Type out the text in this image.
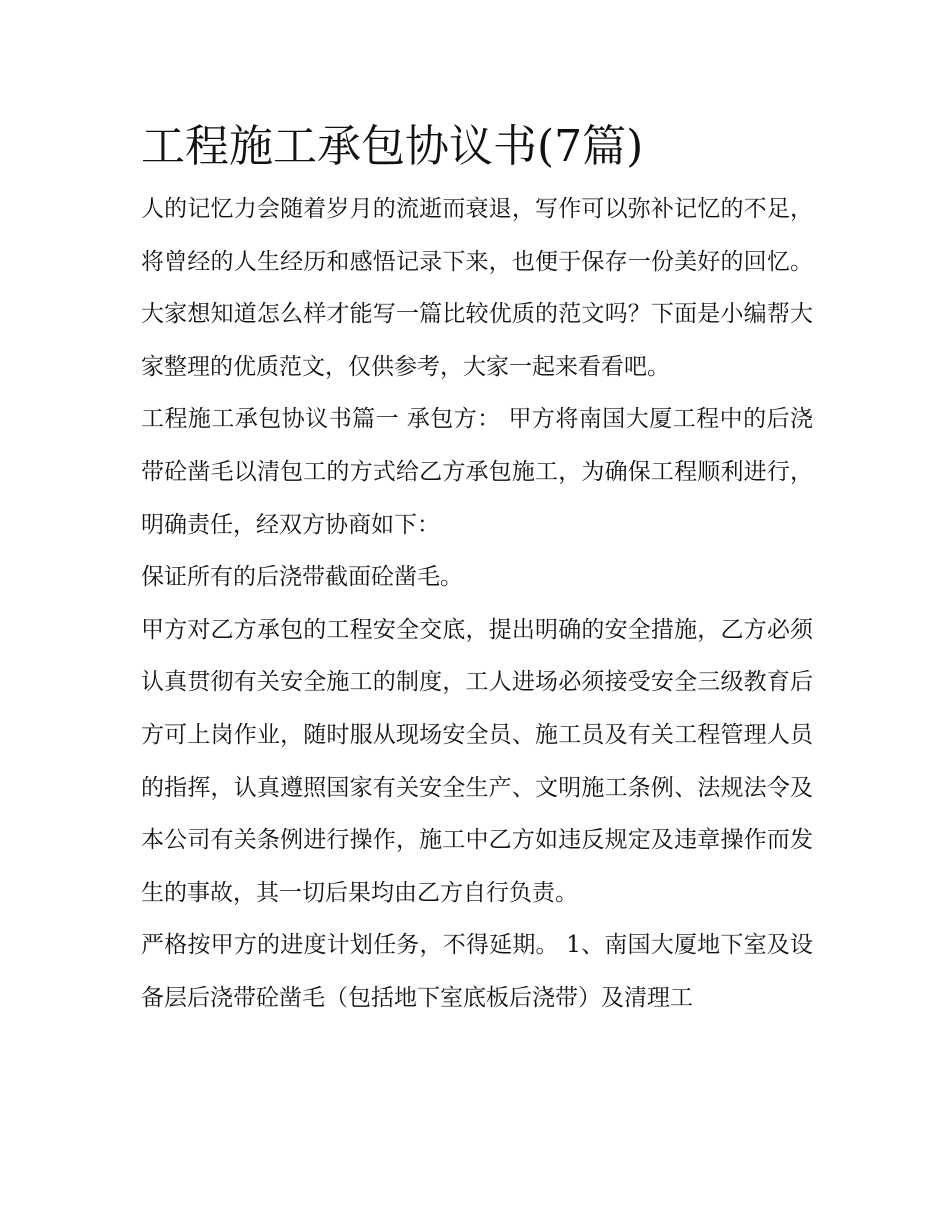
工程施工承包协议书(7篇)

人的记忆力会随着岁月的流逝而衰退，写作可以弥补记忆的不足，将曾经的人生经历和感悟记录下来，也便于保存一份美好的回忆。大家想知道怎么样才能写一篇比较优质的范文吗？下面是小编帮大家整理的优质范文，仅供参考，大家一起来看看吧。

工程施工承包协议书篇一 承包方： 甲方将南国大厦工程中的后浇带砼凿毛以清包工的方式给乙方承包施工，为确保工程顺利进行，明确责任，经双方协商如下：

保证所有的后浇带截面砼凿毛。

甲方对乙方承包的工程安全交底，提出明确的安全措施，乙方必须认真贯彻有关安全施工的制度，工人进场必须接受安全三级教育后方可上岗作业，随时服从现场安全员、施工员及有关工程管理人员的指挥，认真遵照国家有关安全生产、文明施工条例、法规法令及本公司有关条例进行操作，施工中乙方如违反规定及违章操作而发生的事故，其一切后果均由乙方自行负责。

严格按甲方的进度计划任务，不得延期。 1、南国大厦地下室及设备层后浇带砼凿毛（包括地下室底板后浇带）及清理工
